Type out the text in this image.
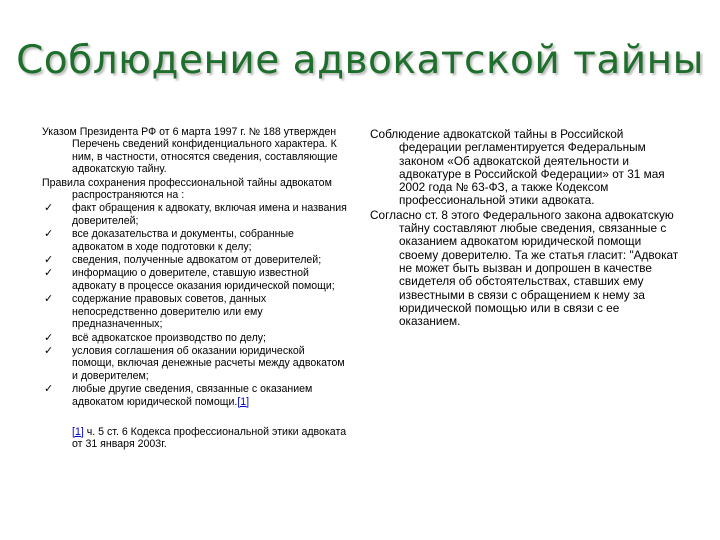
Соблюдение адвокатской тайны

Указом Президента РФ от 6 марта 1997 г. № 188 утвержден Перечень сведений конфиденциального характера. К ним, в частности, относятся сведения, составляющие адвокатскую тайну.

Правила сохранения профессиональной тайны адвокатом распространяются на :

✓ факт обращения к адвокату, включая имена и названия доверителей;
✓ все доказательства и документы, собранные адвокатом в ходе подготовки к делу;
✓ сведения, полученные адвокатом от доверителей;
✓ информацию о доверителе, ставшую известной адвокату в процессе оказания юридической помощи;
✓ содержание правовых советов, данных непосредственно доверителю или ему предназначенных;
✓ всё адвокатское производство по делу;
✓ условия соглашения об оказании юридической помощи, включая денежные расчеты между адвокатом и доверителем;
✓ любые другие сведения, связанные с оказанием адвокатом юридической помощи.[1]
[1] ч. 5 ст. 6 Кодекса профессиональной этики адвоката от 31 января 2003г.

Соблюдение адвокатской тайны в Российской федерации регламентируется Федеральным законом «Об адвокатской деятельности и адвокатуре в Российской Федерации» от 31 мая 2002 года № 63-ФЗ, а также Кодексом профессиональной этики адвоката.

Согласно ст. 8 этого Федерального закона адвокатскую тайну составляют любые сведения, связанные с оказанием адвокатом юридической помощи своему доверителю. Та же статья гласит: "Адвокат не может быть вызван и допрошен в качестве свидетеля об обстоятельствах, ставших ему известными в связи с обращением к нему за юридической помощью или в связи с ее оказанием.
